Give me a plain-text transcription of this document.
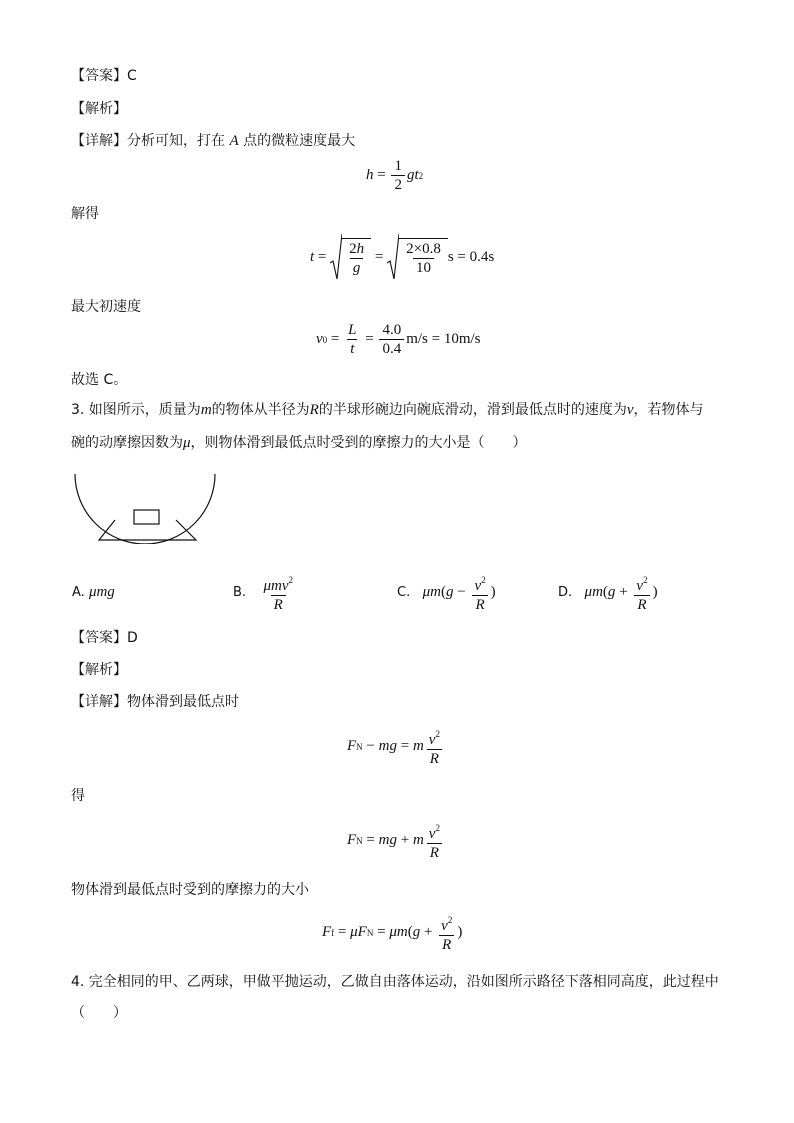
【答案】C
【解析】
【详解】分析可知，打在 A 点的微粒速度最大
$h = \frac{1}{2}$ gt 2
解得
$t = \frac{2h}{g} = \frac{2\times 0.8}{10}$ s
= 0.4s
最大初速度
v $0 = \frac{L}{t} = \frac{4.0}{0.4} m/s = 10m/s$
故选 C。
3. 如图所示，质量为m的物体从半径为R的半球形碗边向碗底滑动，滑到最低点时的速度为v，若物体与
碗的动摩擦因数为μ，则物体滑到最低点时受到的摩擦力的大小是（　　）
A. μmg	B. $\frac{\mu mv^2}{R}$	C. μm ( $g - \frac{v^2}{R}$ )	D. μm ( $g + \frac{v^2}{R}$ )
【答案】D
【解析】
【详解】物体滑到最低点时
F N − mg = m $\frac{v^2}{R}$
得
F N = mg + m $\frac{v^2}{R}$
物体滑到最低点时受到的摩擦力的大小
F f = μF N = μm ( $g + \frac{v^2}{R}$ )
4. 完全相同的甲、乙两球，甲做平抛运动，乙做自由落体运动，沿如图所示路径下落相同高度，此过程中
（　　）
